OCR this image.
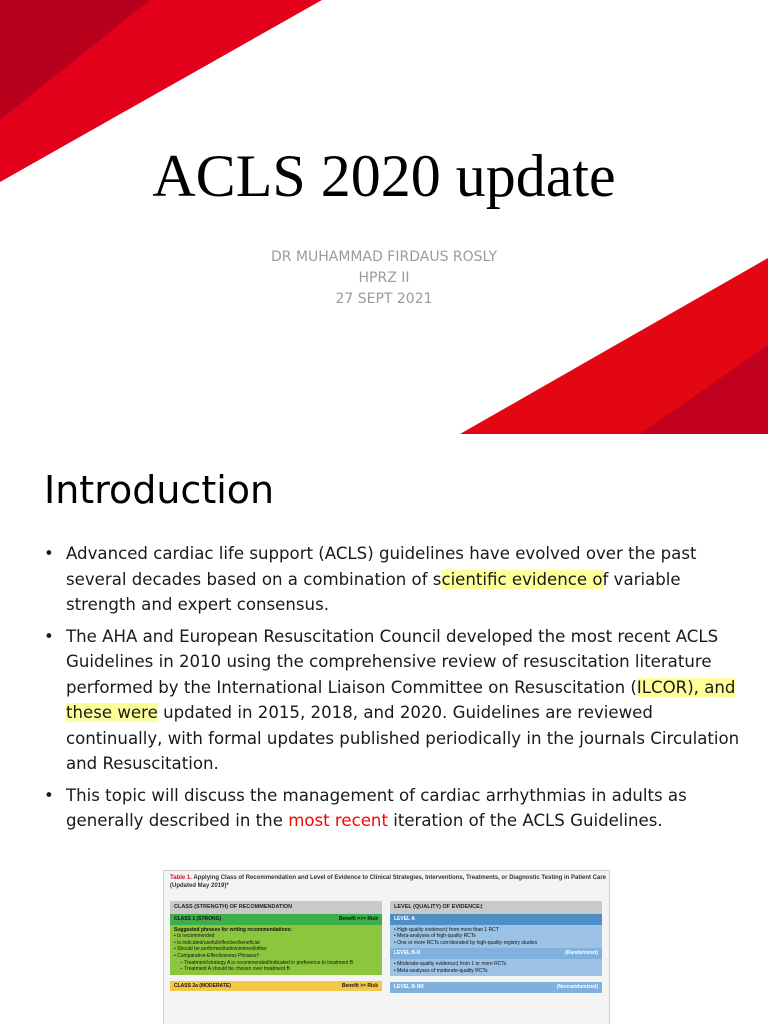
ACLS 2020 update
DR MUHAMMAD FIRDAUS ROSLY
HPRZ II
27 SEPT 2021
Introduction
• Advanced cardiac life support (ACLS) guidelines have evolved over the past several decades based on a combination of scientific evidence of variable strength and expert consensus.
• The AHA and European Resuscitation Council developed the most recent ACLS Guidelines in 2010 using the comprehensive review of resuscitation literature performed by the International Liaison Committee on Resuscitation (ILCOR), and these were updated in 2015, 2018, and 2020. Guidelines are reviewed continually, with formal updates published periodically in the journals Circulation and Resuscitation.
• This topic will discuss the management of cardiac arrhythmias in adults as generally described in the most recent iteration of the ACLS Guidelines.
Table 1. Applying Class of Recommendation and Level of Evidence to Clinical Strategies, Interventions, Treatments, or Diagnostic Testing in Patient Care (Updated May 2019)*
CLASS (STRENGTH) OF RECOMMENDATION
CLASS 1 (STRONG)	Benefit >>> Risk
Suggested phrases for writing recommendations:
• Is recommended
• Is indicated/useful/effective/beneficial
• Should be performed/administered/other
• Comparative-Effectiveness Phrases†:
– Treatment/strategy A is recommended/indicated in preference to treatment B
– Treatment A should be chosen over treatment B
CLASS 2a (MODERATE)	Benefit >> Risk
LEVEL (QUALITY) OF EVIDENCE‡
LEVEL A
• High-quality evidence‡ from more than 1 RCT
• Meta-analyses of high-quality RCTs
• One or more RCTs corroborated by high-quality registry studies
LEVEL B-R	(Randomized)
• Moderate-quality evidence‡ from 1 or more RCTs
• Meta-analyses of moderate-quality RCTs
LEVEL B-NR	(Nonrandomized)
